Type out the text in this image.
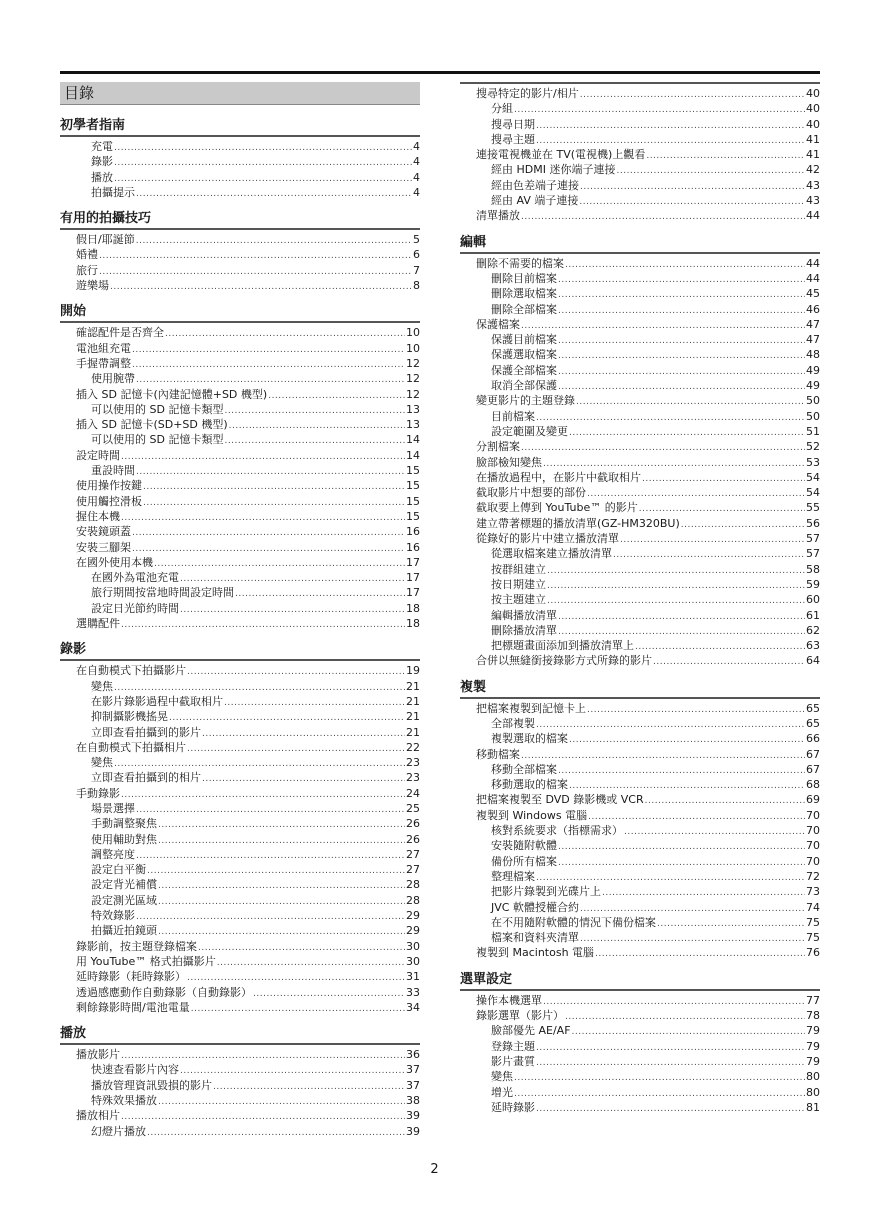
目錄
初學者指南
充電 .....	4
錄影 .....	4
播放 .....	4
拍攝提示 .....	4
有用的拍攝技巧
假日/耶誕節 .....	5
婚禮 .....	6
旅行 .....	7
遊樂場 .....	8
開始
確認配件是否齊全 .....	10
電池組充電 .....	10
手握帶調整 .....	12
使用腕帶 .....	12
插入 SD 記憶卡(內建記憶體+SD 機型) .....	12
可以使用的 SD 記憶卡類型 .....	13
插入 SD 記憶卡(SD+SD 機型) .....	13
可以使用的 SD 記憶卡類型 .....	14
設定時間 .....	14
重設時間 .....	15
使用操作按鍵 .....	15
使用觸控滑板 .....	15
握住本機 .....	15
安裝鏡頭蓋 .....	16
安裝三腳架 .....	16
在國外使用本機 .....	17
在國外為電池充電 .....	17
旅行期間按當地時間設定時間 .....	17
設定日光節約時間 .....	18
選購配件 .....	18
錄影
在自動模式下拍攝影片 .....	19
變焦 .....	21
在影片錄影過程中截取相片 .....	21
抑制攝影機搖晃 .....	21
立即查看拍攝到的影片 .....	21
在自動模式下拍攝相片 .....	22
變焦 .....	23
立即查看拍攝到的相片 .....	23
手動錄影 .....	24
場景選擇 .....	25
手動調整聚焦 .....	26
使用輔助對焦 .....	26
調整亮度 .....	27
設定白平衡 .....	27
設定背光補償 .....	28
設定測光區域 .....	28
特效錄影 .....	29
拍攝近拍鏡頭 .....	29
錄影前，按主題登錄檔案 .....	30
用 YouTube™ 格式拍攝影片 .....	30
延時錄影（耗時錄影） .....	31
透過感應動作自動錄影（自動錄影） .....	33
剩餘錄影時間/電池電量 .....	34
播放
播放影片 .....	36
快速查看影片內容 .....	37
播放管理資訊毀損的影片 .....	37
特殊效果播放 .....	38
播放相片 .....	39
幻燈片播放 .....	39
搜尋特定的影片/相片 .....	40
分組 .....	40
搜尋日期 .....	40
搜尋主題 .....	41
連接電視機並在 TV(電視機)上觀看 .....	41
經由 HDMI 迷你端子連接 .....	42
經由色差端子連接 .....	43
經由 AV 端子連接 .....	43
清單播放 .....	44
編輯
刪除不需要的檔案 .....	44
刪除目前檔案 .....	44
刪除選取檔案 .....	45
刪除全部檔案 .....	46
保護檔案 .....	47
保護目前檔案 .....	47
保護選取檔案 .....	48
保護全部檔案 .....	49
取消全部保護 .....	49
變更影片的主題登錄 .....	50
目前檔案 .....	50
設定範圍及變更 .....	51
分割檔案 .....	52
臉部檢知變焦 .....	53
在播放過程中，在影片中截取相片 .....	54
截取影片中想要的部份 .....	54
截取要上傳到 YouTube™ 的影片 .....	55
建立帶著標題的播放清單(GZ-HM320BU) .....	56
從錄好的影片中建立播放清單 .....	57
從選取檔案建立播放清單 .....	57
按群組建立 .....	58
按日期建立 .....	59
按主題建立 .....	60
編輯播放清單 .....	61
刪除播放清單 .....	62
把標題畫面添加到播放清單上 .....	63
合併以無縫銜接錄影方式所錄的影片 .....	64
複製
把檔案複製到記憶卡上 .....	65
全部複製 .....	65
複製選取的檔案 .....	66
移動檔案 .....	67
移動全部檔案 .....	67
移動選取的檔案 .....	68
把檔案複製至 DVD 錄影機或 VCR .....	69
複製到 Windows 電腦 .....	70
核對系統要求（指標需求） .....	70
安裝隨附軟體 .....	70
備份所有檔案 .....	70
整理檔案 .....	72
把影片錄製到光碟片上 .....	73
JVC 軟體授權合約 .....	74
在不用隨附軟體的情況下備份檔案 .....	75
檔案和資料夾清單 .....	75
複製到 Macintosh 電腦 .....	76
選單設定
操作本機選單 .....	77
錄影選單（影片） .....	78
臉部優先 AE/AF .....	79
登錄主題 .....	79
影片畫質 .....	79
變焦 .....	80
增光 .....	80
延時錄影 .....	81
2
